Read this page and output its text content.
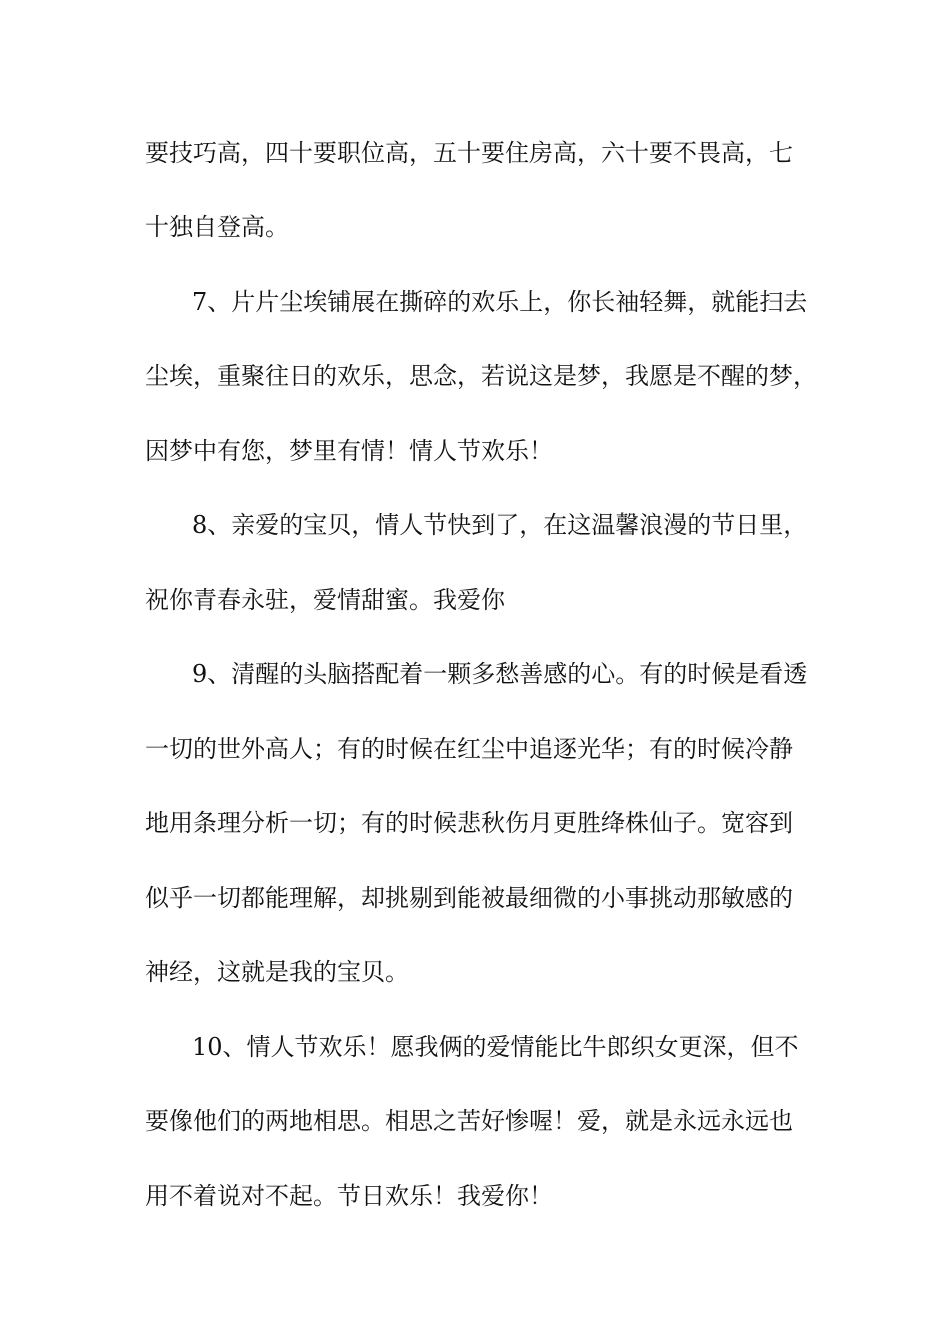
要技巧高，四十要职位高，五十要住房高，六十要不畏高，七
十独自登高。
7、片片尘埃铺展在撕碎的欢乐上，你长袖轻舞，就能扫去
尘埃，重聚往日的欢乐，思念，若说这是梦，我愿是不醒的梦，
因梦中有您，梦里有情！情人节欢乐！
8、亲爱的宝贝，情人节快到了，在这温馨浪漫的节日里，
祝你青春永驻，爱情甜蜜。我爱你
9、清醒的头脑搭配着一颗多愁善感的心。有的时候是看透
一切的世外高人；有的时候在红尘中追逐光华；有的时候冷静
地用条理分析一切；有的时候悲秋伤月更胜绛株仙子。宽容到
似乎一切都能理解，却挑剔到能被最细微的小事挑动那敏感的
神经，这就是我的宝贝。
10、情人节欢乐！愿我俩的爱情能比牛郎织女更深，但不
要像他们的两地相思。相思之苦好惨喔！爱，就是永远永远也
用不着说对不起。节日欢乐！我爱你！
